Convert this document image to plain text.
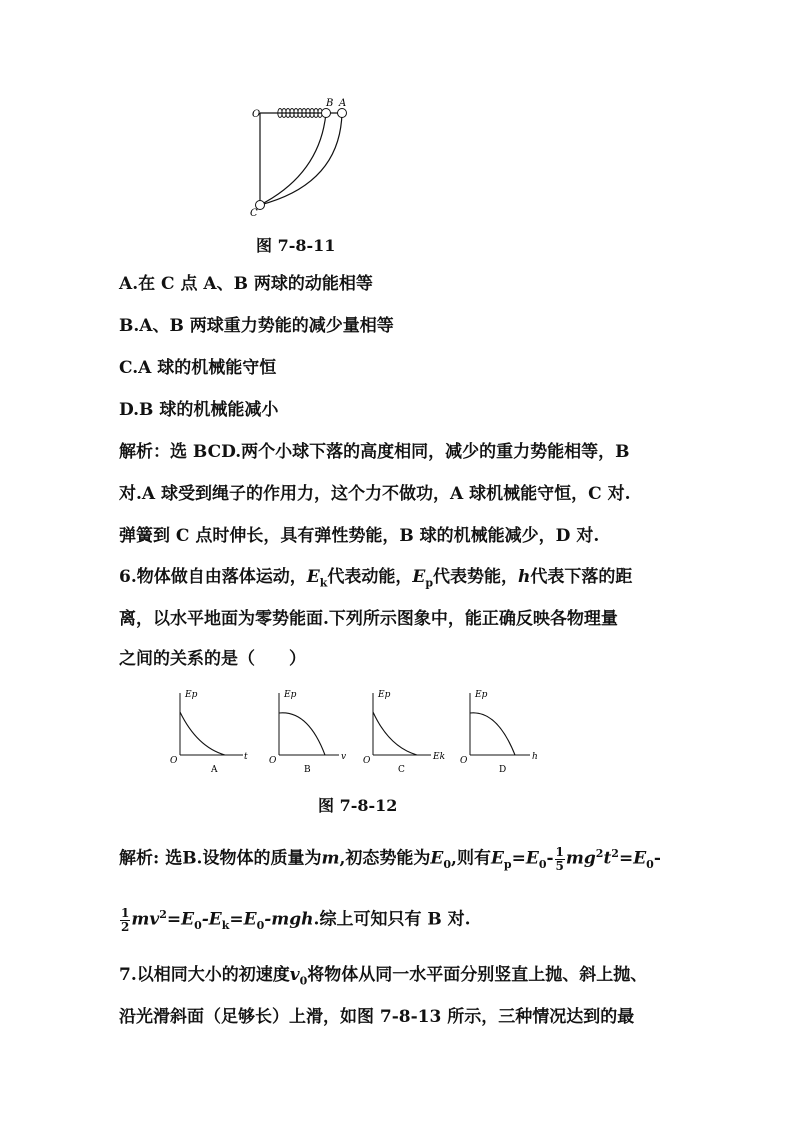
O
B A
C
图 7-8-11
A.在 C 点 A、B 两球的动能相等
B.A、B 两球重力势能的减少量相等
C.A 球的机械能守恒
D.B 球的机械能减小
解析：选 BCD.两个小球下落的高度相同，减少的重力势能相等，B
对.A 球受到绳子的作用力，这个力不做功，A 球机械能守恒，C 对.
弹簧到 C 点时伸长，具有弹性势能，B 球的机械能减少，D 对.
6.物体做自由落体运动，$E_k$代表动能，$E_p$代表势能，h代表下落的距
离，以水平地面为零势能面.下列所示图象中，能正确反映各物理量
之间的关系的是（　　）
Ep
t
O
A
Ep
v
O
B
Ep
Ek
O
C
Ep
h
O
D
图 7-8-12
解析: 选B.设物体的质量为m,初态势能为$E_0$,则有$E_p=E_0- \frac{1}{5} mg^2t^2=E_0-$
$\frac{1}{2} mv^2=E_0-E_k=E_0-mgh$.综上可知只有 B 对.
7.以相同大小的初速度$v_0$将物体从同一水平面分别竖直上抛、斜上抛、
沿光滑斜面（足够长）上滑，如图 7-8-13 所示，三种情况达到的最
